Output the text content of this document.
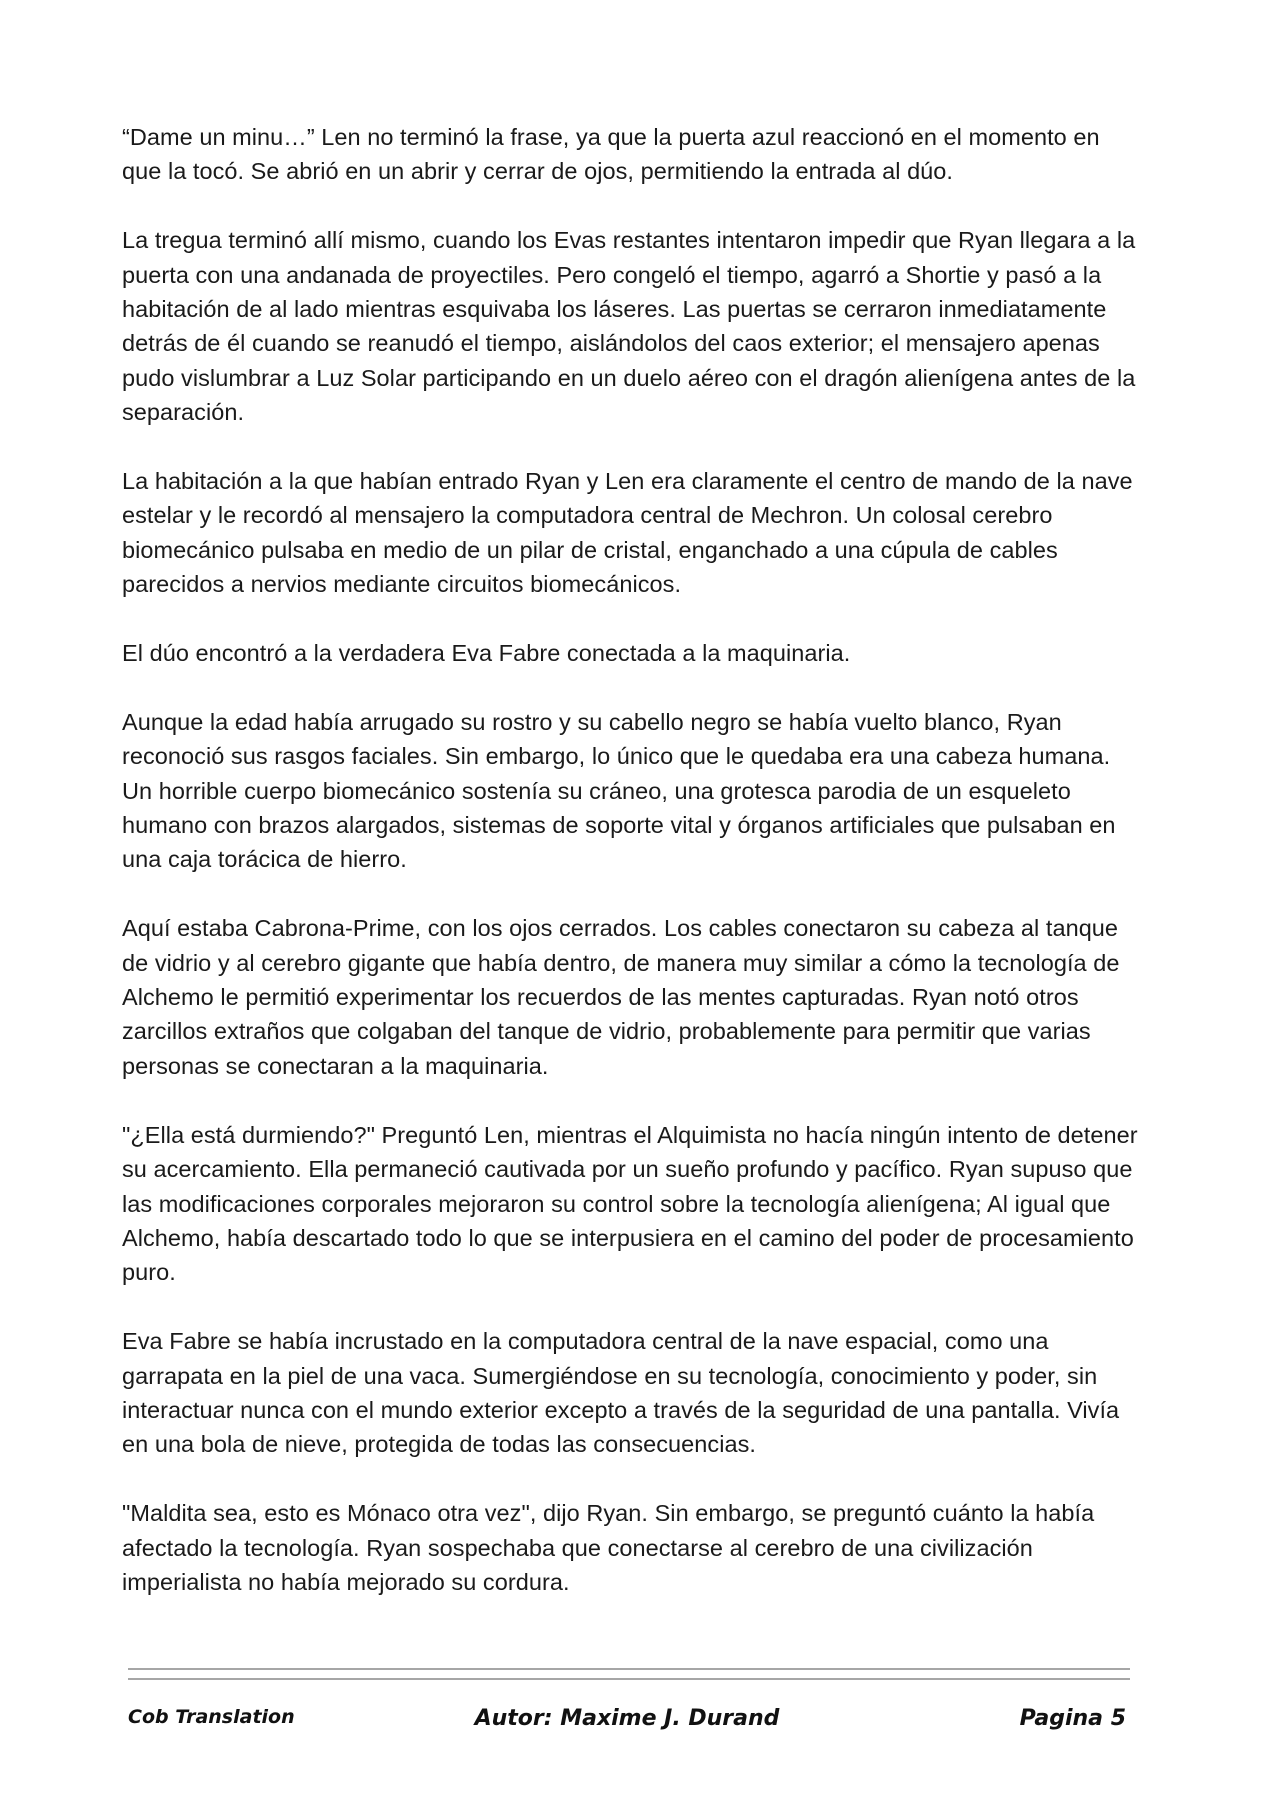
“Dame un minu…” Len no terminó la frase, ya que la puerta azul reaccionó en el momento en que la tocó. Se abrió en un abrir y cerrar de ojos, permitiendo la entrada al dúo.

La tregua terminó allí mismo, cuando los Evas restantes intentaron impedir que Ryan llegara a la puerta con una andanada de proyectiles. Pero congeló el tiempo, agarró a Shortie y pasó a la habitación de al lado mientras esquivaba los láseres. Las puertas se cerraron inmediatamente detrás de él cuando se reanudó el tiempo, aislándolos del caos exterior; el mensajero apenas pudo vislumbrar a Luz Solar participando en un duelo aéreo con el dragón alienígena antes de la separación.

La habitación a la que habían entrado Ryan y Len era claramente el centro de mando de la nave estelar y le recordó al mensajero la computadora central de Mechron. Un colosal cerebro biomecánico pulsaba en medio de un pilar de cristal, enganchado a una cúpula de cables parecidos a nervios mediante circuitos biomecánicos.

El dúo encontró a la verdadera Eva Fabre conectada a la maquinaria.

Aunque la edad había arrugado su rostro y su cabello negro se había vuelto blanco, Ryan reconoció sus rasgos faciales. Sin embargo, lo único que le quedaba era una cabeza humana. Un horrible cuerpo biomecánico sostenía su cráneo, una grotesca parodia de un esqueleto humano con brazos alargados, sistemas de soporte vital y órganos artificiales que pulsaban en una caja torácica de hierro.

Aquí estaba Cabrona-Prime, con los ojos cerrados. Los cables conectaron su cabeza al tanque de vidrio y al cerebro gigante que había dentro, de manera muy similar a cómo la tecnología de Alchemo le permitió experimentar los recuerdos de las mentes capturadas. Ryan notó otros zarcillos extraños que colgaban del tanque de vidrio, probablemente para permitir que varias personas se conectaran a la maquinaria.

"¿Ella está durmiendo?" Preguntó Len, mientras el Alquimista no hacía ningún intento de detener su acercamiento. Ella permaneció cautivada por un sueño profundo y pacífico. Ryan supuso que las modificaciones corporales mejoraron su control sobre la tecnología alienígena; Al igual que Alchemo, había descartado todo lo que se interpusiera en el camino del poder de procesamiento puro.

Eva Fabre se había incrustado en la computadora central de la nave espacial, como una garrapata en la piel de una vaca. Sumergiéndose en su tecnología, conocimiento y poder, sin interactuar nunca con el mundo exterior excepto a través de la seguridad de una pantalla. Vivía en una bola de nieve, protegida de todas las consecuencias.

"Maldita sea, esto es Mónaco otra vez", dijo Ryan. Sin embargo, se preguntó cuánto la había afectado la tecnología. Ryan sospechaba que conectarse al cerebro de una civilización imperialista no había mejorado su cordura.

Cob Translation	Autor: Maxime J. Durand	Pagina 5
